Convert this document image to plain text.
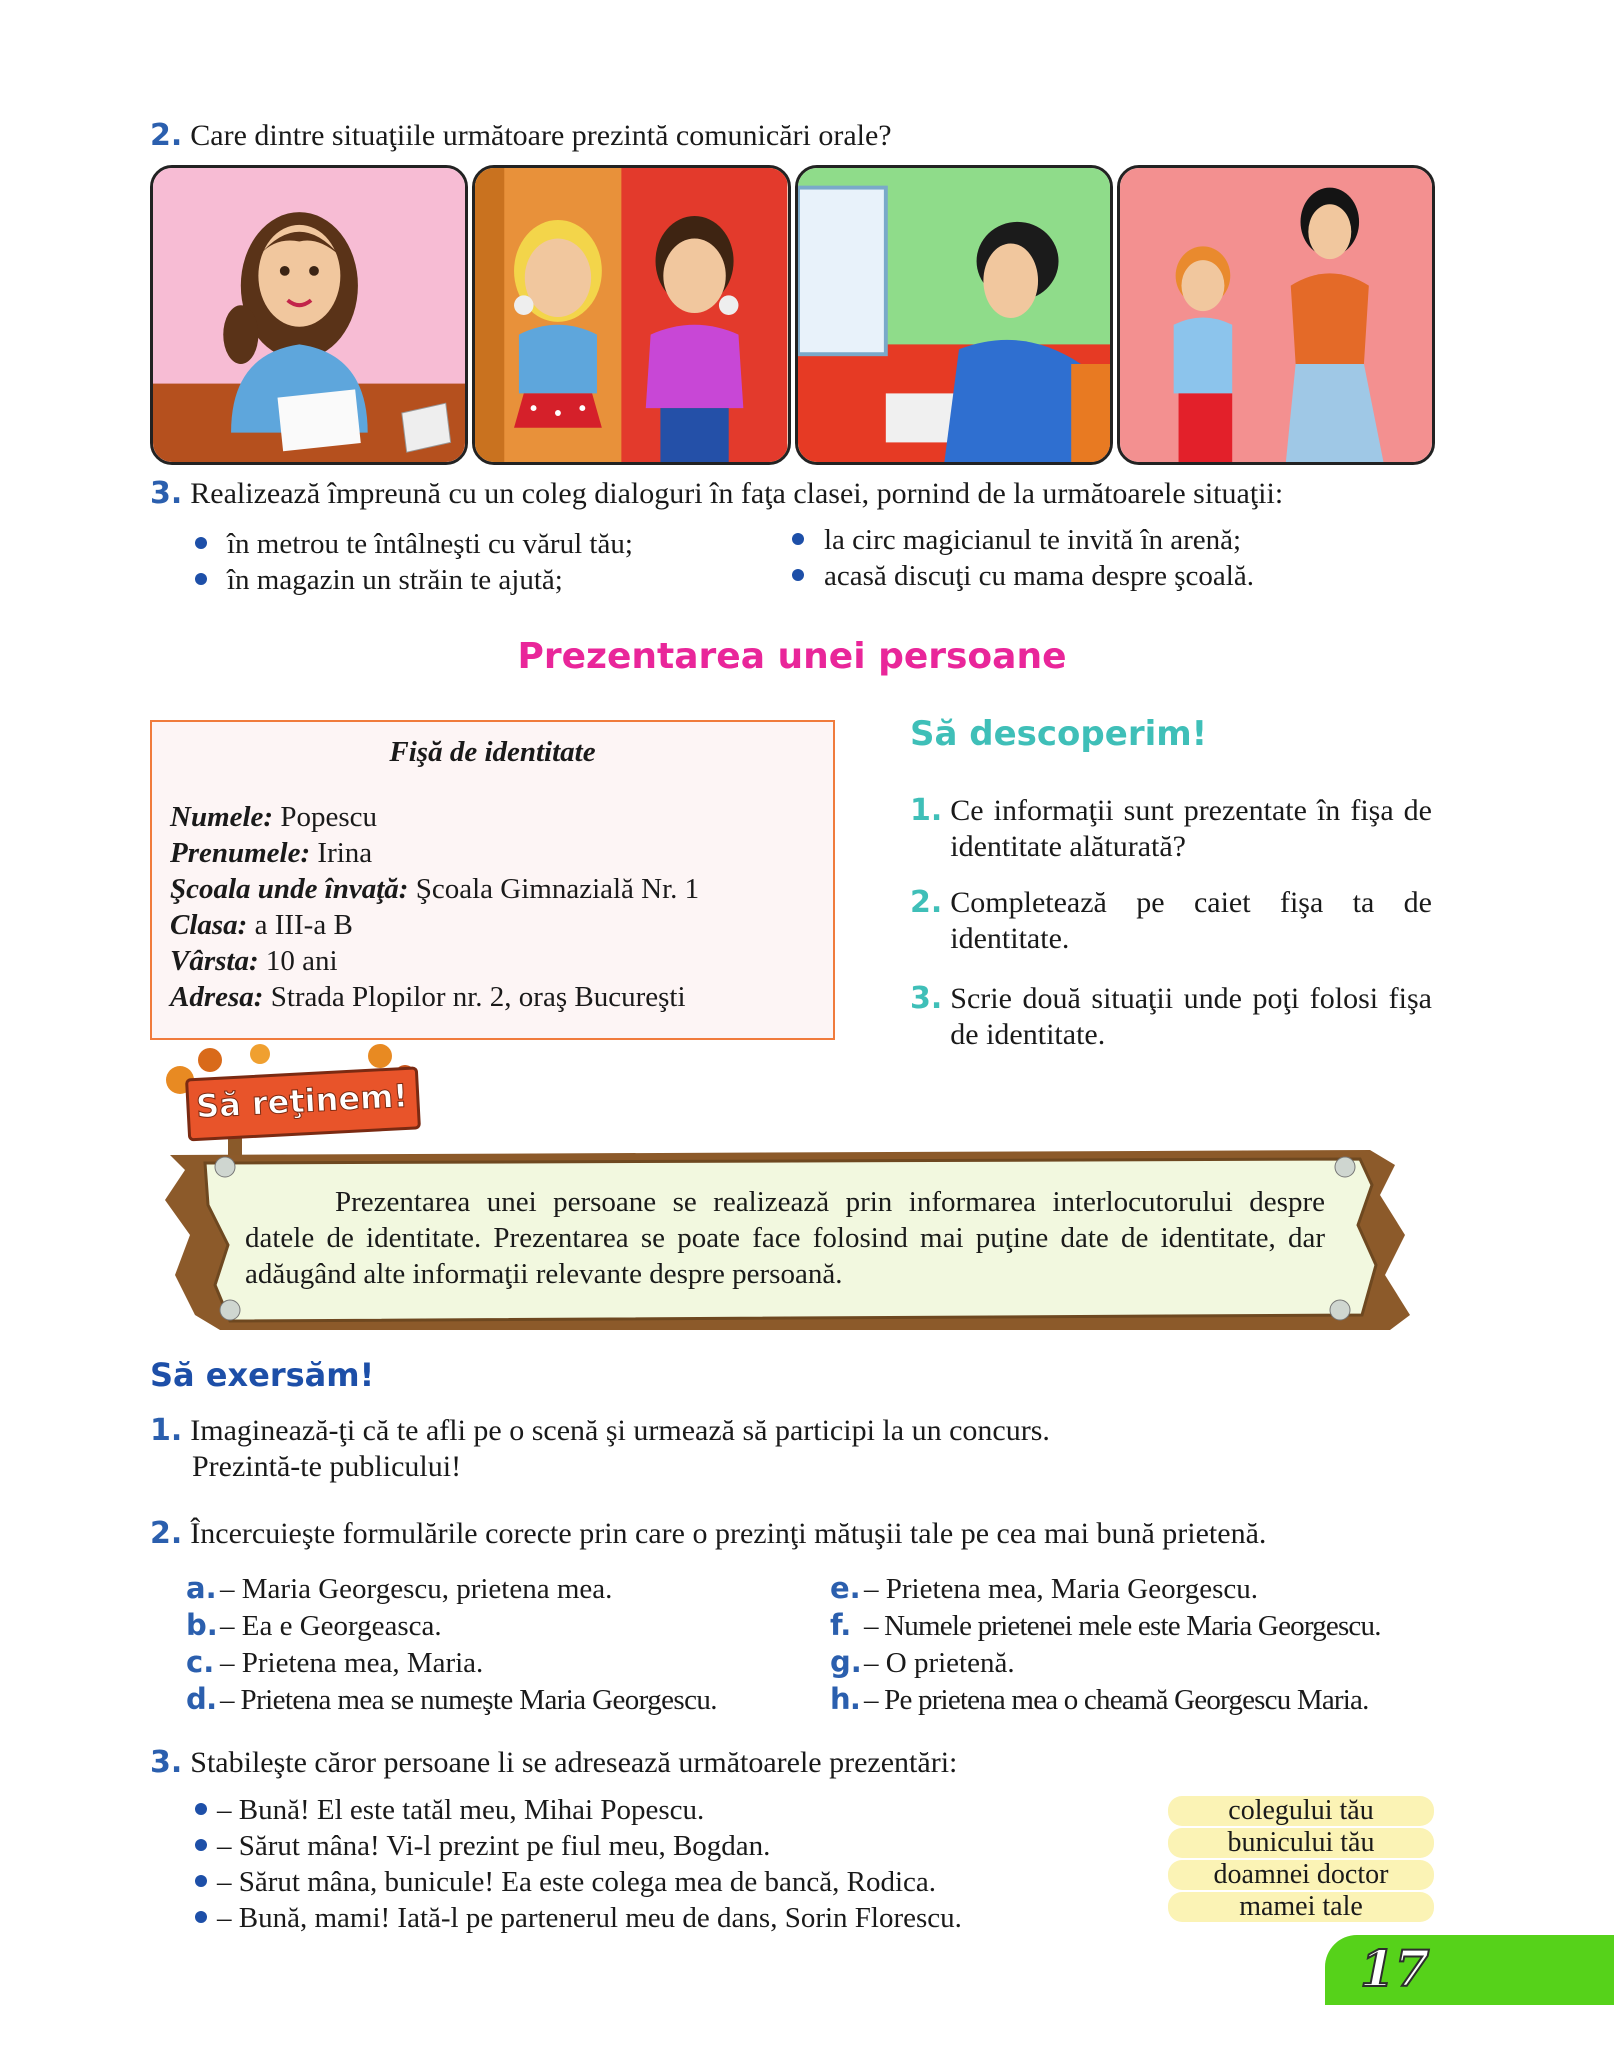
2. Care dintre situaţiile următoare prezintă comunicări orale?
3. Realizează împreună cu un coleg dialoguri în faţa clasei, pornind de la următoarele situaţii:
în metrou te întâlneşti cu vărul tău;
în magazin un străin te ajută;
la circ magicianul te invită în arenă;
acasă discuţi cu mama despre şcoală.
Prezentarea unei persoane
Fişă de identitate
Numele: Popescu
Prenumele: Irina
Şcoala unde învaţă: Şcoala Gimnazială Nr. 1
Clasa: a III-a B
Vârsta: 10 ani
Adresa: Strada Plopilor nr. 2, oraş Bucureşti
Să descoperim!
1. Ce informaţii sunt prezentate în fişa de identitate alăturată?
2. Completează pe caiet fişa ta de identitate.
3. Scrie două situaţii unde poţi folosi fişa de identitate.
Să reţinem!
Prezentarea unei persoane se realizează prin informarea interlocutorului despre datele de identitate. Prezentarea se poate face folosind mai puţine date de identitate, dar adăugând alte informaţii relevante despre persoană.
Să exersăm!
1. Imaginează-ţi că te afli pe o scenă şi urmează să participi la un concurs.
Prezintă-te publicului!
2. Încercuieşte formulările corecte prin care o prezinţi mătuşii tale pe cea mai bună prietenă.
a. – Maria Georgescu, prietena mea.
b. – Ea e Georgeasca.
c. – Prietena mea, Maria.
d. – Prietena mea se numeşte Maria Georgescu.
e. – Prietena mea, Maria Georgescu.
f. – Numele prietenei mele este Maria Georgescu.
g. – O prietenă.
h. – Pe prietena mea o cheamă Georgescu Maria.
3. Stabileşte căror persoane li se adresează următoarele prezentări:
– Bună! El este tatăl meu, Mihai Popescu.
– Sărut mâna! Vi-l prezint pe fiul meu, Bogdan.
– Sărut mâna, bunicule! Ea este colega mea de bancă, Rodica.
– Bună, mami! Iată-l pe partenerul meu de dans, Sorin Florescu.
colegului tău
bunicului tău
doamnei doctor
mamei tale
17
